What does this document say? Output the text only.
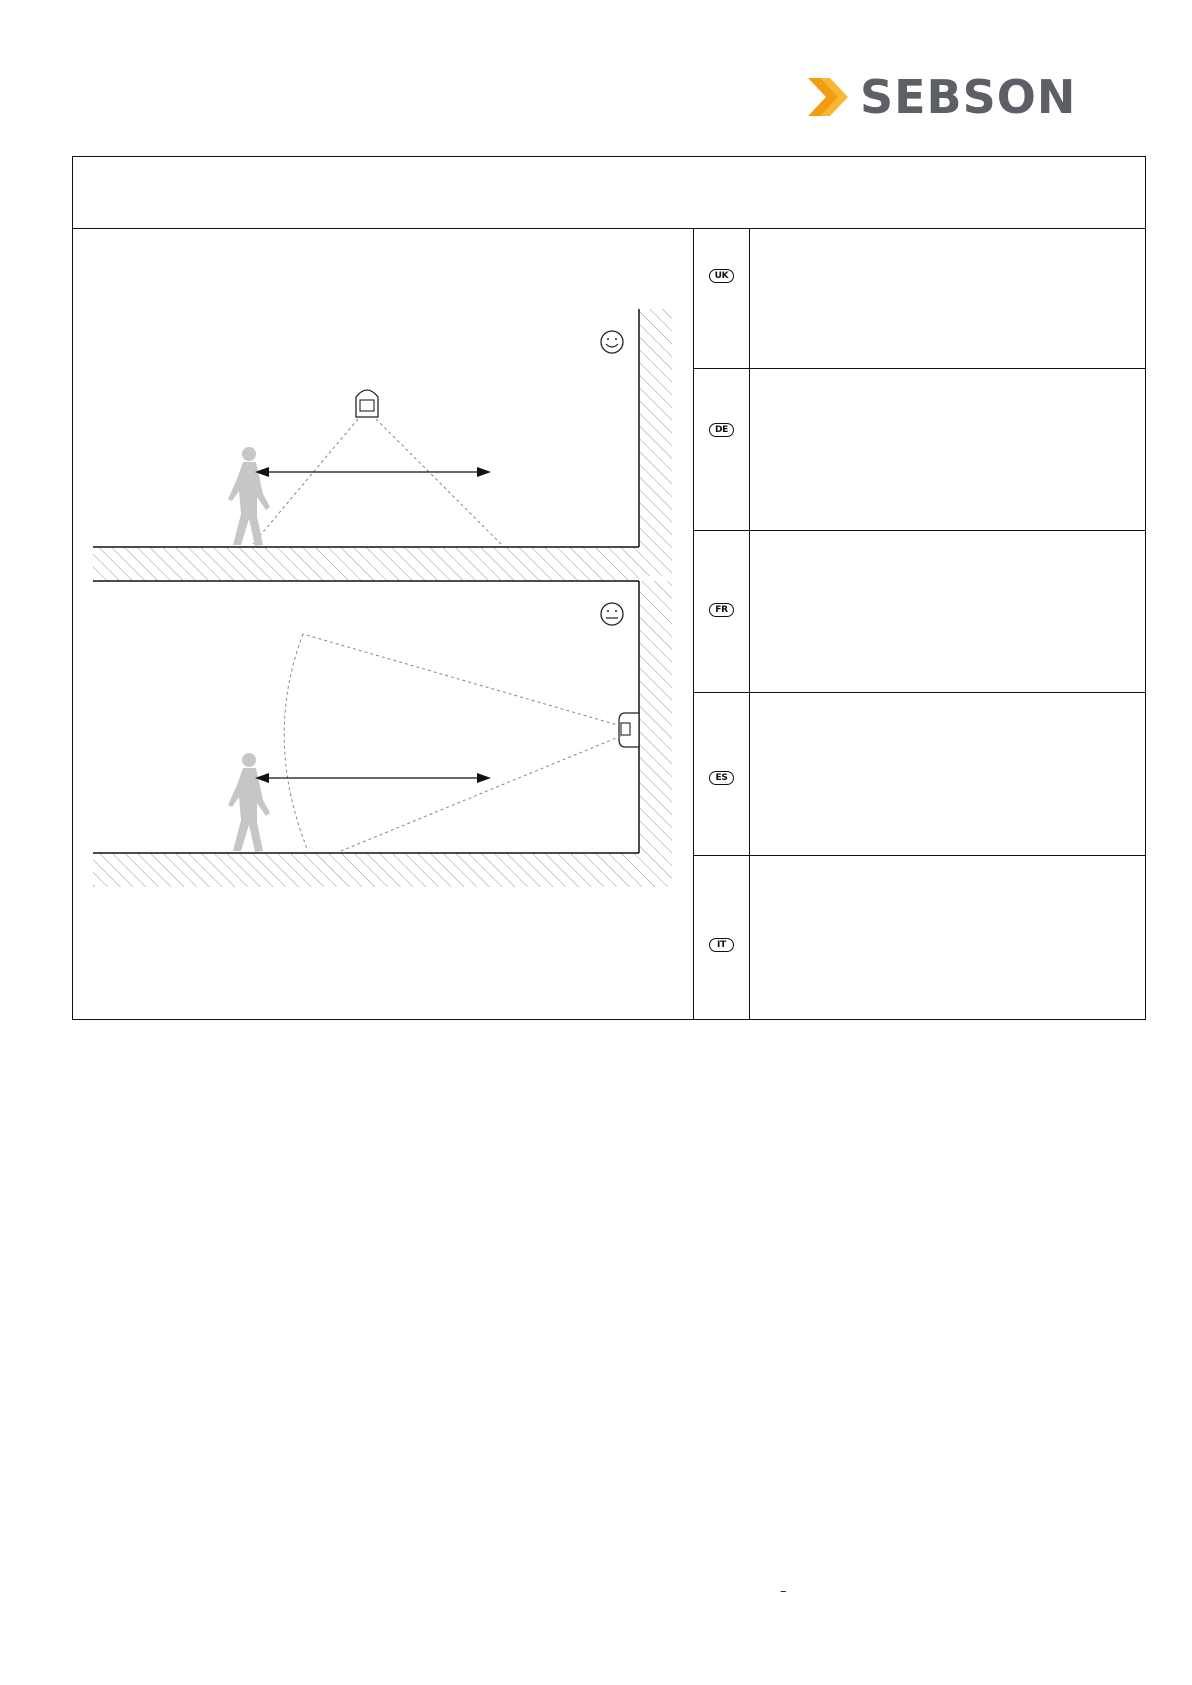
SEBSON
UK
DE
FR
ES
IT
–
